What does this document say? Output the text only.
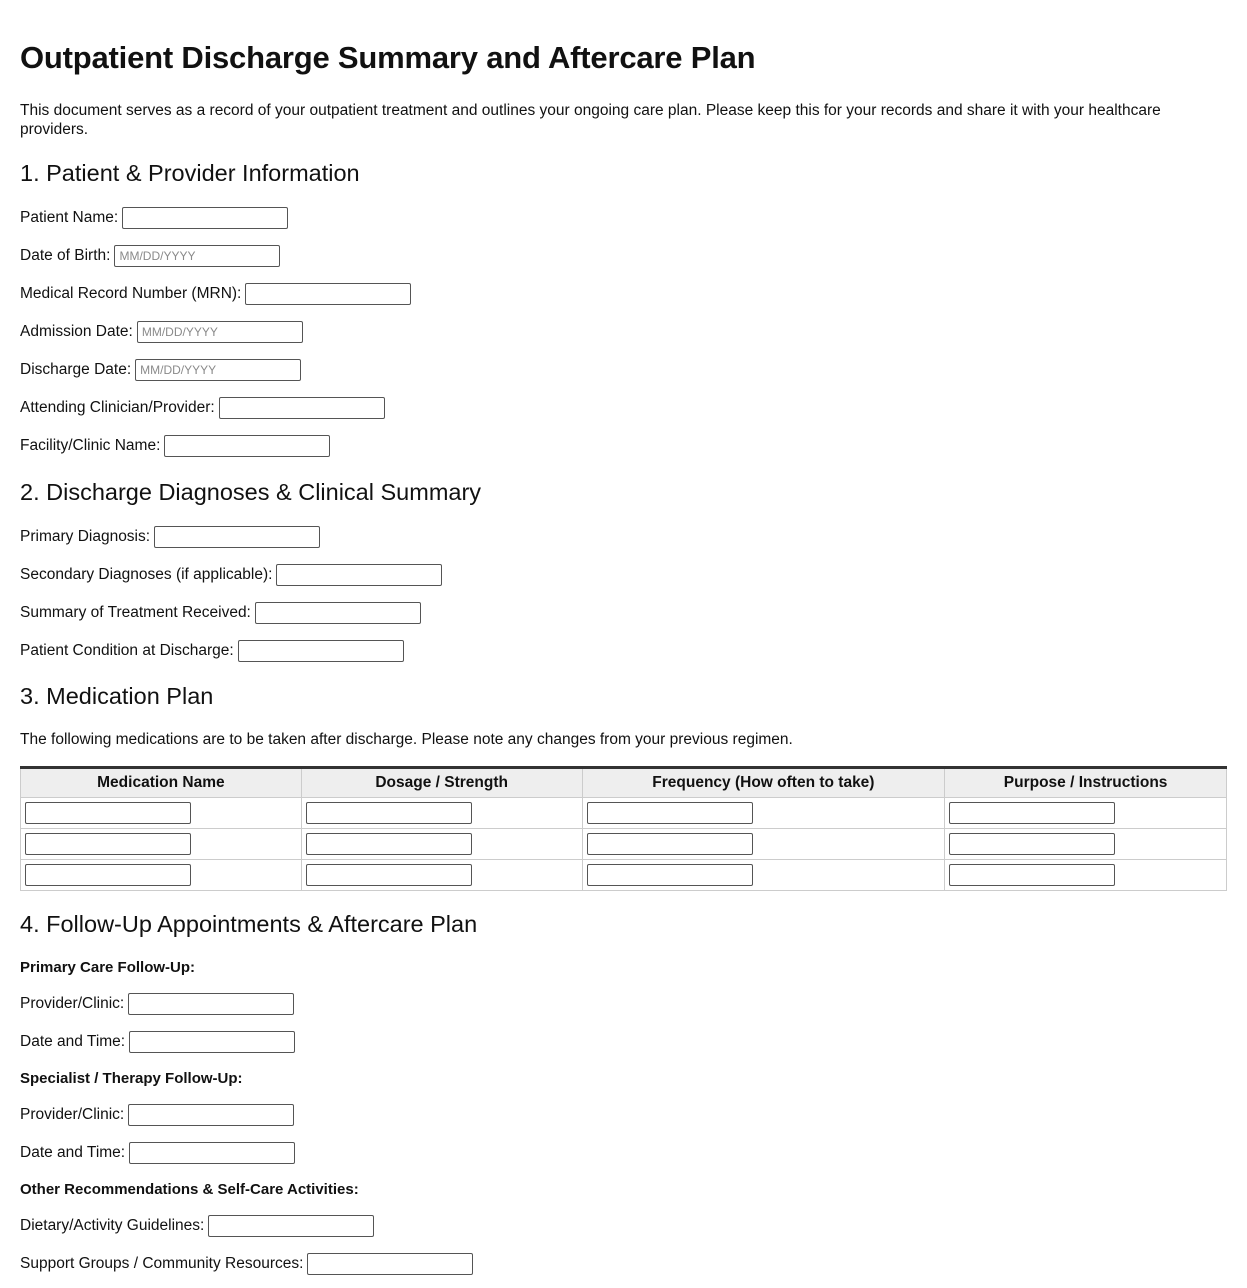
Outpatient Discharge Summary and Aftercare Plan

This document serves as a record of your outpatient treatment and outlines your ongoing care plan. Please keep this for your records and share it with your healthcare providers.

1. Patient & Provider Information
Patient Name:
Date of Birth:
MM/DD/YYYY
Medical Record Number (MRN):
Admission Date:
MM/DD/YYYY
Discharge Date:
MM/DD/YYYY
Attending Clinician/Provider:
Facility/Clinic Name:
2. Discharge Diagnoses & Clinical Summary
Primary Diagnosis:
Secondary Diagnoses (if applicable):
Summary of Treatment Received:
Patient Condition at Discharge:
3. Medication Plan

The following medications are to be taken after discharge. Please note any changes from your previous regimen.

Medication Name	Dosage / Strength	Frequency (How often to take)	Purpose / Instructions

4. Follow-Up Appointments & Aftercare Plan
Primary Care Follow-Up:
Provider/Clinic:
Date and Time:
Specialist / Therapy Follow-Up:
Provider/Clinic:
Date and Time:
Other Recommendations & Self-Care Activities:
Dietary/Activity Guidelines:
Support Groups / Community Resources:
